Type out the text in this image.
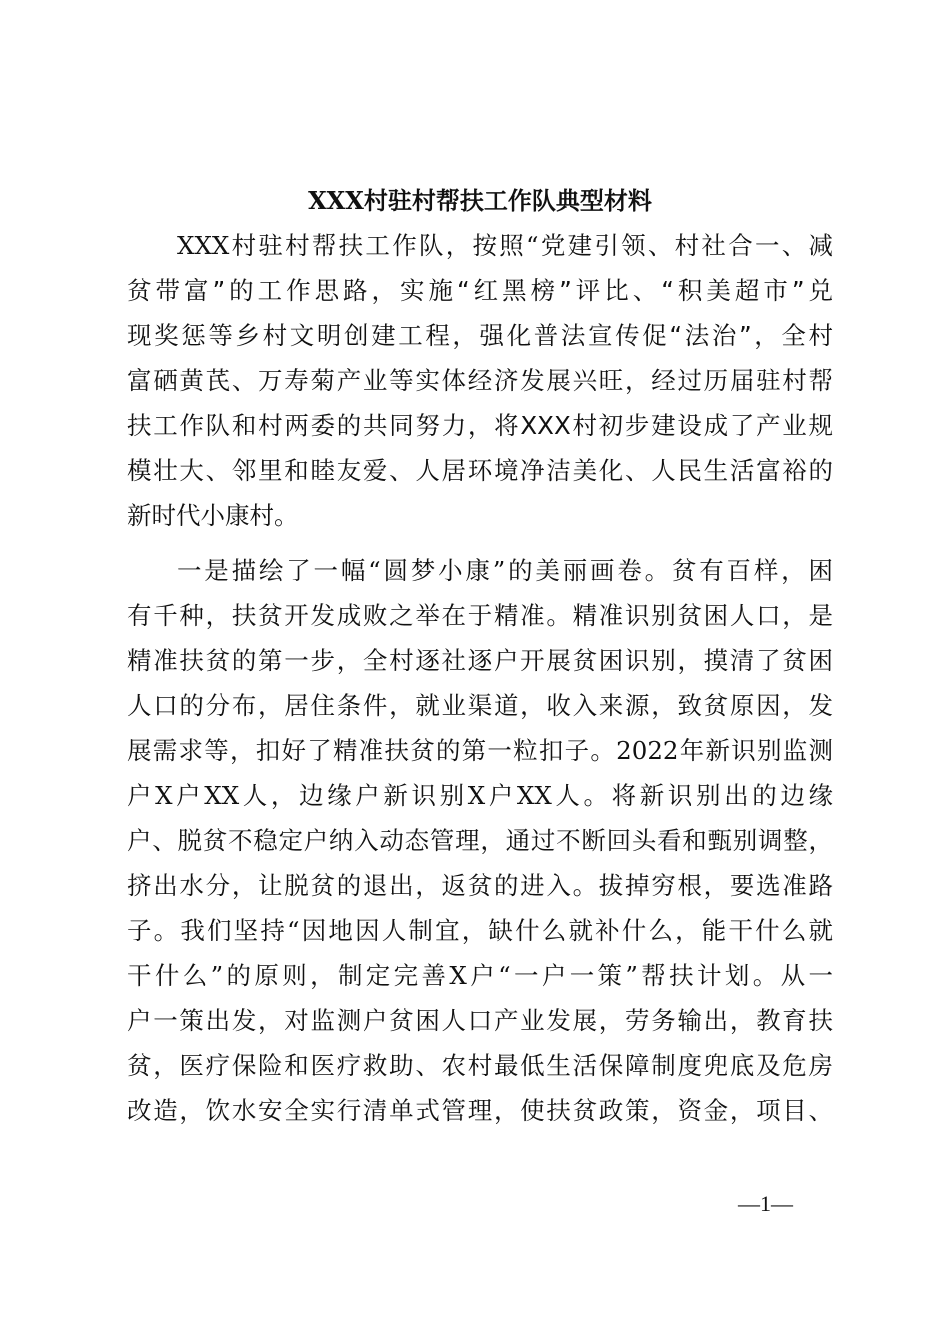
XXX村驻村帮扶工作队典型材料
XXX村驻村帮扶工作队，按照“党建引领、村社合一、减
贫带富”的工作思路，实施“红黑榜”评比、“积美超市”兑
现奖惩等乡村文明创建工程，强化普法宣传促“法治”，全村
富硒黄芪、万寿菊产业等实体经济发展兴旺，经过历届驻村帮
扶工作队和村两委的共同努力，将XXX村初步建设成了产业规
模壮大、邻里和睦友爱、人居环境净洁美化、人民生活富裕的
新时代小康村。
一是描绘了一幅“圆梦小康”的美丽画卷。贫有百样，困
有千种，扶贫开发成败之举在于精准。精准识别贫困人口，是
精准扶贫的第一步，全村逐社逐户开展贫困识别，摸清了贫困
人口的分布，居住条件，就业渠道，收入来源，致贫原因，发
展需求等，扣好了精准扶贫的第一粒扣子。2022年新识别监测
户X户XX人，边缘户新识别X户XX人。将新识别出的边缘
户、脱贫不稳定户纳入动态管理，通过不断回头看和甄别调整，
挤出水分，让脱贫的退出，返贫的进入。拔掉穷根，要选准路
子。我们坚持“因地因人制宜，缺什么就补什么，能干什么就
干什么”的原则，制定完善X户“一户一策”帮扶计划。从一
户一策出发，对监测户贫困人口产业发展，劳务输出，教育扶
贫，医疗保险和医疗救助、农村最低生活保障制度兜底及危房
改造，饮水安全实行清单式管理，使扶贫政策，资金，项目、
—1—
